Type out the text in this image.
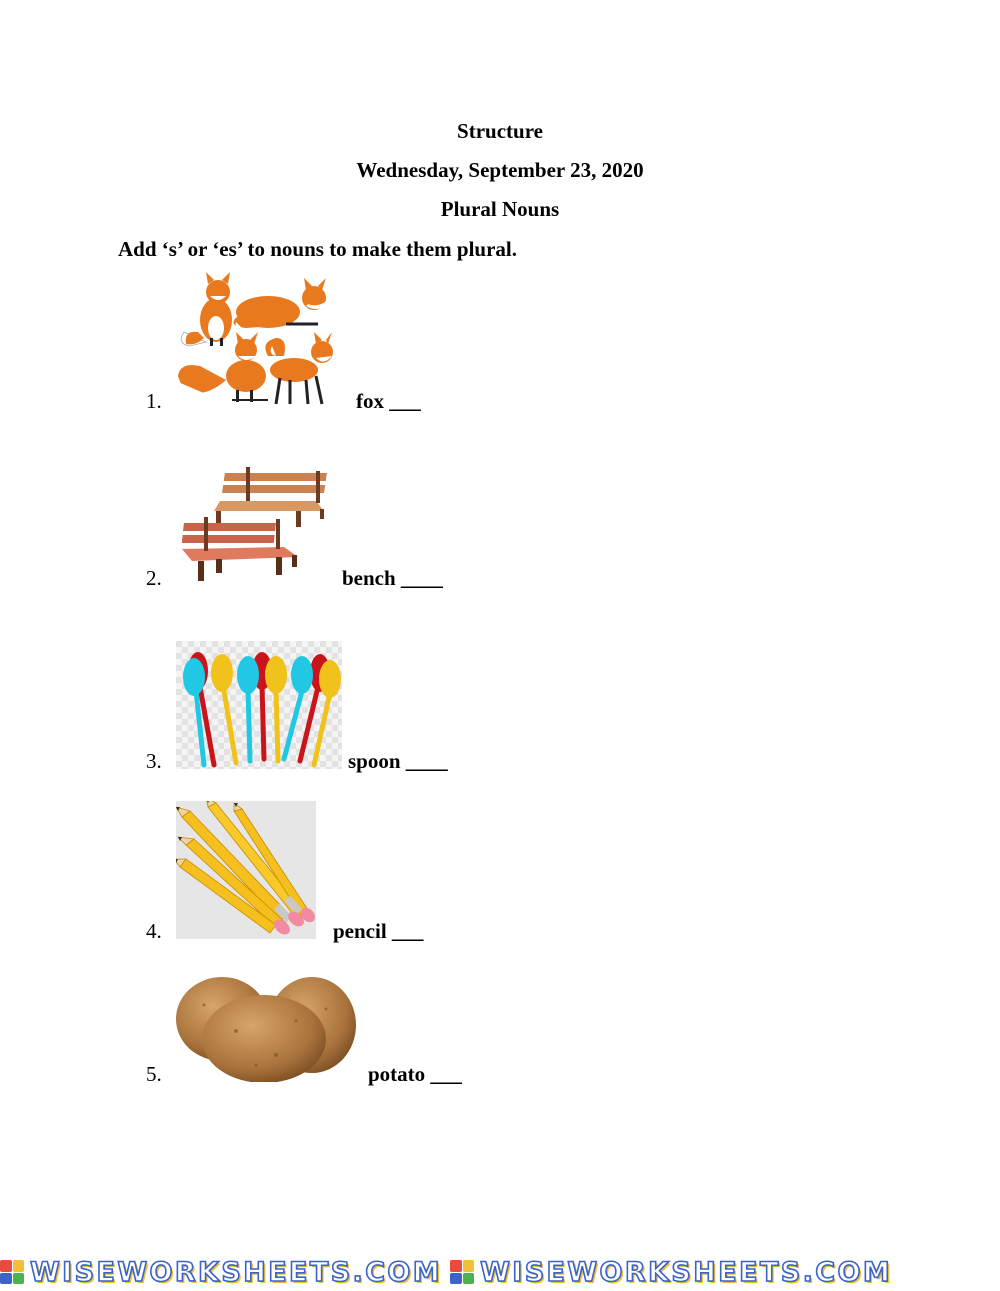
Structure
Wednesday, September 23, 2020
Plural Nouns
Add ‘s’ or ‘es’ to nouns to make them plural.
1.	fox ___
2.	bench ____
3.	spoon ____
4.	pencil ___
5.	potato ___
WISEWORKSHEETS.COM WISEWORKSHEETS.COM
